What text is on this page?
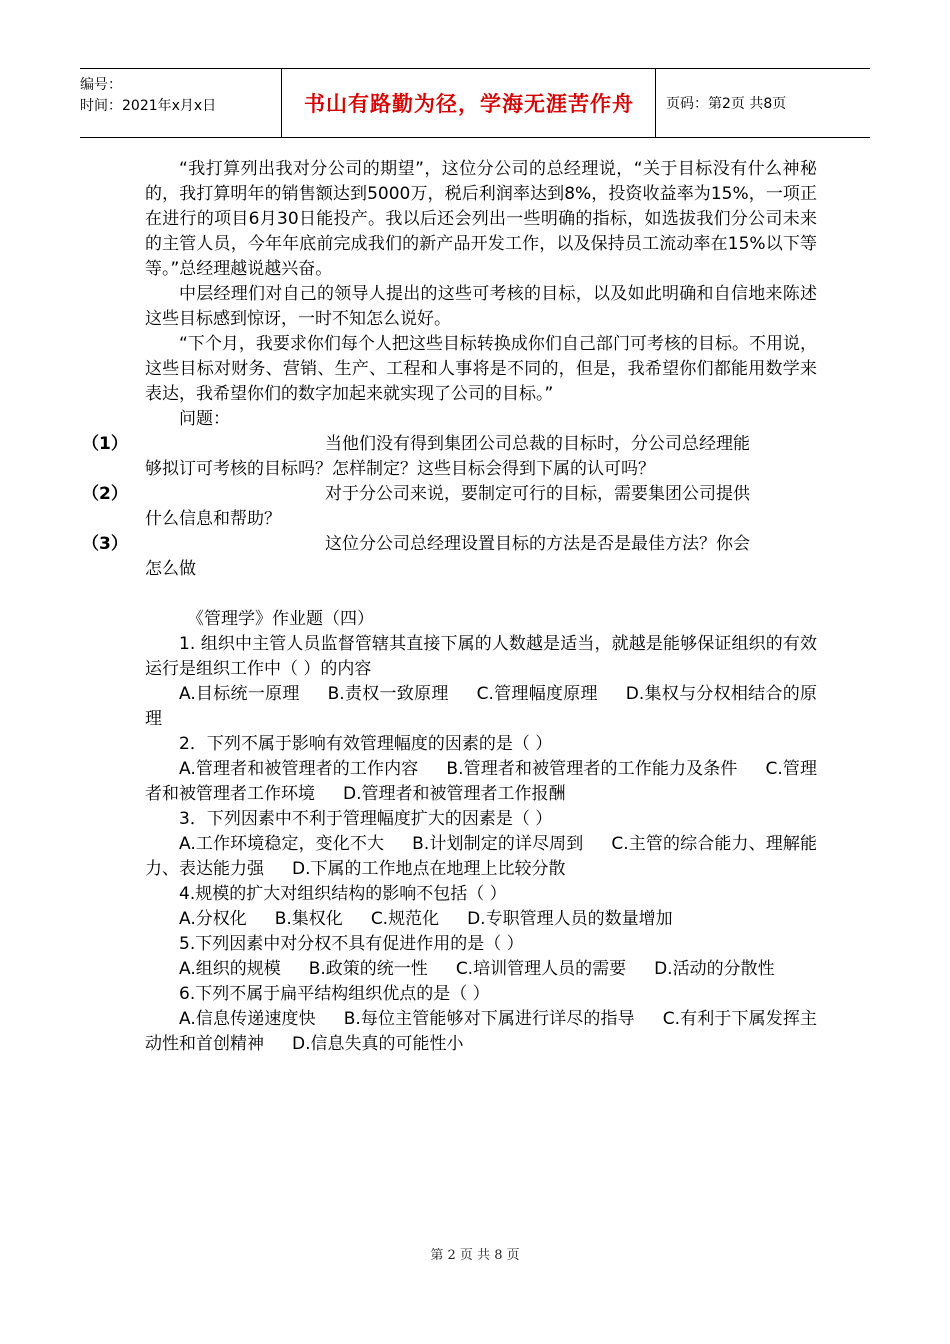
编号：
时间：2021年x月x日	书山有路勤为径，学海无涯苦作舟	页码：第2页 共8页

“我打算列出我对分公司的期望”，这位分公司的总经理说，“关于目标没有什么神秘的，我打算明年的销售额达到5000万，税后利润率达到8%，投资收益率为15%，一项正在进行的项目6月30日能投产。我以后还会列出一些明确的指标，如选拔我们分公司未来的主管人员，今年年底前完成我们的新产品开发工作，以及保持员工流动率在15%以下等等。”总经理越说越兴奋。

中层经理们对自己的领导人提出的这些可考核的目标，以及如此明确和自信地来陈述这些目标感到惊讶，一时不知怎么说好。

“下个月，我要求你们每个人把这些目标转换成你们自己部门可考核的目标。不用说，这些目标对财务、营销、生产、工程和人事将是不同的，但是，我希望你们都能用数学来表达，我希望你们的数字加起来就实现了公司的目标。”

问题：

（1）	当他们没有得到集团公司总裁的目标时，分公司总经理能

够拟订可考核的目标吗？怎样制定？这些目标会得到下属的认可吗？

（2）	对于分公司来说，要制定可行的目标，需要集团公司提供

什么信息和帮助？

（3）	这位分公司总经理设置目标的方法是否是最佳方法？你会

怎么做

《管理学》作业题（四）

1. 组织中主管人员监督管辖其直接下属的人数越是适当，就越是能够保证组织的有效运行是组织工作中（ ）的内容

A.目标统一原理 B.责权一致原理 C.管理幅度原理 D.集权与分权相结合的原理

2．下列不属于影响有效管理幅度的因素的是（ ）

A.管理者和被管理者的工作内容 B.管理者和被管理者的工作能力及条件 C.管理者和被管理者工作环境 D.管理者和被管理者工作报酬

3．下列因素中不利于管理幅度扩大的因素是（ ）

A.工作环境稳定，变化不大 B.计划制定的详尽周到 C.主管的综合能力、理解能力、表达能力强 D.下属的工作地点在地理上比较分散

4.规模的扩大对组织结构的影响不包括（ ）

A.分权化 B.集权化 C.规范化 D.专职管理人员的数量增加

5.下列因素中对分权不具有促进作用的是（ ）

A.组织的规模 B.政策的统一性 C.培训管理人员的需要 D.活动的分散性

6.下列不属于扁平结构组织优点的是（ ）

A.信息传递速度快 B.每位主管能够对下属进行详尽的指导 C.有利于下属发挥主动性和首创精神 D.信息失真的可能性小

第 2 页 共 8 页
